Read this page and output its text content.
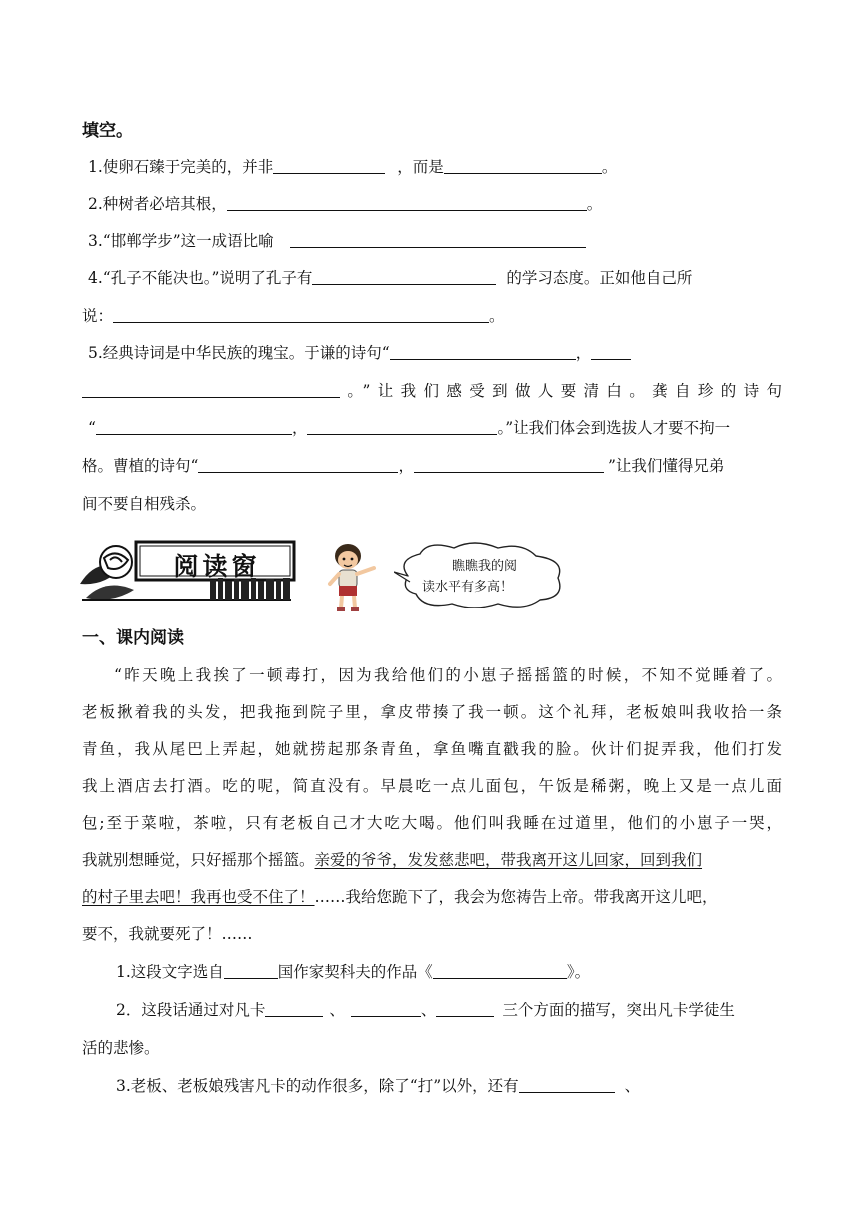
填空。
1.使卵石臻于完美的，并非	，而是	。
2.种树者必培其根，	。
3.“邯郸学步”这一成语比喻
4.“孔子不能决也。”说明了孔子有	的学习态度。正如他自己所
说：	。
5.经典诗词是中华民族的瑰宝。于谦的诗句“	，
。”让我们感受到做人要清白。龚自珍的诗句
“	，	。”让我们体会到选拔人才要不拘一
格。曹植的诗句“	，	”让我们懂得兄弟
间不要自相残杀。
阅读窗	瞧瞧我的阅
读水平有多高！
一、课内阅读
“昨天晚上我挨了一顿毒打，因为我给他们的小崽子摇摇篮的时候，不知不觉睡着了。
老板揪着我的头发，把我拖到院子里，拿皮带揍了我一顿。这个礼拜，老板娘叫我收拾一条
青鱼，我从尾巴上弄起，她就捞起那条青鱼，拿鱼嘴直戳我的脸。伙计们捉弄我，他们打发
我上酒店去打酒。吃的呢，简直没有。早晨吃一点儿面包，午饭是稀粥，晚上又是一点儿面
包;至于菜啦，茶啦，只有老板自己才大吃大喝。他们叫我睡在过道里，他们的小崽子一哭，
我就别想睡觉，只好摇那个摇篮。亲爱的爷爷，发发慈悲吧，带我离开这儿回家，回到我们
的村子里去吧！我再也受不住了！……我给您跪下了，我会为您祷告上帝。带我离开这儿吧，
要不，我就要死了！……
1.这段文字选自	国作家契科夫的作品《	》。
2．这段话通过对凡卡	、	、	三个方面的描写，突出凡卡学徒生
活的悲惨。
3.老板、老板娘残害凡卡的动作很多，除了“打”以外，还有	、
